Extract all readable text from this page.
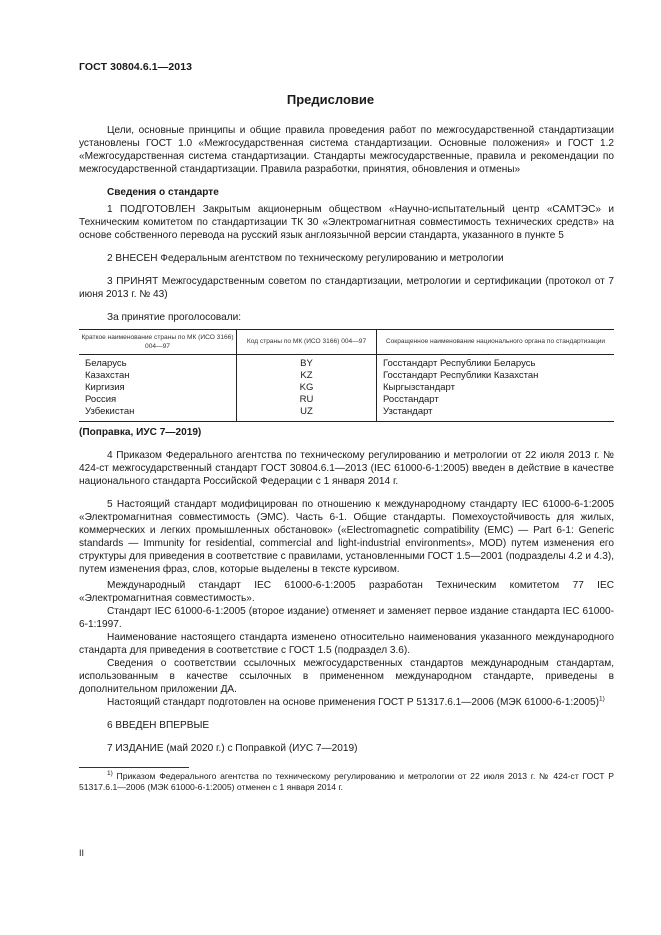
ГОСТ 30804.6.1—2013
Предисловие

Цели, основные принципы и общие правила проведения работ по межгосударственной стандартизации установлены ГОСТ 1.0 «Межгосударственная система стандартизации. Основные положения» и ГОСТ 1.2 «Межгосударственная система стандартизации. Стандарты межгосударственные, правила и рекомендации по межгосударственной стандартизации. Правила разработки, принятия, обновления и отмены»

Сведения о стандарте

1 ПОДГОТОВЛЕН Закрытым акционерным обществом «Научно-испытательный центр «САМТЭС» и Техническим комитетом по стандартизации ТК 30 «Электромагнитная совместимость технических средств» на основе собственного перевода на русский язык англоязычной версии стандарта, указанного в пункте 5

2 ВНЕСЕН Федеральным агентством по техническому регулированию и метрологии

3 ПРИНЯТ Межгосударственным советом по стандартизации, метрологии и сертификации (протокол от 7 июня 2013 г. № 43)

За принятие проголосовали:

Краткое наименование страны по МК (ИСО 3166) 004—97	Код страны по МК (ИСО 3166) 004—97	Сокращенное наименование национального органа по стандартизации
Беларусь	BY	Госстандарт Республики Беларусь
Казахстан	KZ	Госстандарт Республики Казахстан
Киргизия	KG	Кыргызстандарт
Россия	RU	Росстандарт
Узбекистан	UZ	Узстандарт

(Поправка, ИУС 7—2019)

4 Приказом Федерального агентства по техническому регулированию и метрологии от 22 июля 2013 г. № 424-ст межгосударственный стандарт ГОСТ 30804.6.1—2013 (IEC 61000-6-1:2005) введен в действие в качестве национального стандарта Российской Федерации с 1 января 2014 г.

5 Настоящий стандарт модифицирован по отношению к международному стандарту IEC 61000-6-1:2005 «Электромагнитная совместимость (ЭМС). Часть 6-1. Общие стандарты. Помехоустойчивость для жилых, коммерческих и легких промышленных обстановок» («Electromagnetic compatibility (EMC) — Part 6-1: Generic standards — Immunity for residential, commercial and light-industrial environments», MOD) путем изменения его структуры для приведения в соответствие с правилами, установленными ГОСТ 1.5—2001 (подразделы 4.2 и 4.3), путем изменения фраз, слов, которые выделены в тексте курсивом.

Международный стандарт IEC 61000-6-1:2005 разработан Техническим комитетом 77 IEC «Электромагнитная совместимость».

Стандарт IEC 61000-6-1:2005 (второе издание) отменяет и заменяет первое издание стандарта IEC 61000-6-1:1997.

Наименование настоящего стандарта изменено относительно наименования указанного международного стандарта для приведения в соответствие с ГОСТ 1.5 (подраздел 3.6).

Сведения о соответствии ссылочных межгосударственных стандартов международным стандартам, использованным в качестве ссылочных в примененном международном стандарте, приведены в дополнительном приложении ДА.

Настоящий стандарт подготовлен на основе применения ГОСТ Р 51317.6.1—2006 (МЭК 61000-6-1:2005)$^{1)}$

6 ВВЕДЕН ВПЕРВЫЕ

7 ИЗДАНИЕ (май 2020 г.) с Поправкой (ИУС 7—2019)

$^{1)}$ Приказом Федерального агентства по техническому регулированию и метрологии от 22 июля 2013 г. № 424-ст ГОСТ Р 51317.6.1—2006 (МЭК 61000-6-1:2005) отменен с 1 января 2014 г.

II
